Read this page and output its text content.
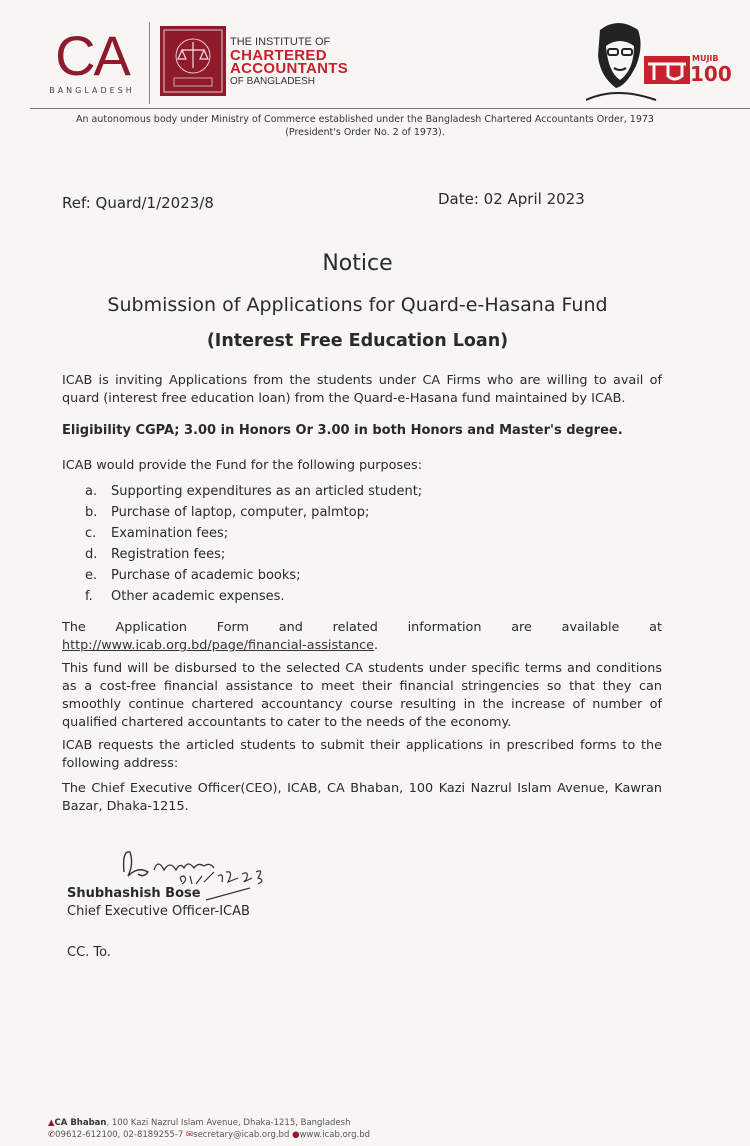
CA
BANGLADESH
THE INSTITUTE OF
CHARTERED
ACCOUNTANTS
OF BANGLADESH
MUJIB
100
An autonomous body under Ministry of Commerce established under the Bangladesh Chartered Accountants Order, 1973
(President's Order No. 2 of 1973).
Ref: Quard/1/2023/8	Date: 02 April 2023
Notice
Submission of Applications for Quard-e-Hasana Fund
(Interest Free Education Loan)
ICAB is inviting Applications from the students under CA Firms who are willing to avail of quard (interest free education loan) from the Quard-e-Hasana fund maintained by ICAB.
Eligibility CGPA; 3.00 in Honors Or 3.00 in both Honors and Master's degree.
ICAB would provide the Fund for the following purposes:
a. Supporting expenditures as an articled student;
b. Purchase of laptop, computer, palmtop;
c. Examination fees;
d. Registration fees;
e. Purchase of academic books;
f. Other academic expenses.
The Application Form and related information are available at http://www.icab.org.bd/page/financial-assistance.
This fund will be disbursed to the selected CA students under specific terms and conditions as a cost-free financial assistance to meet their financial stringencies so that they can smoothly continue chartered accountancy course resulting in the increase of number of qualified chartered accountants to cater to the needs of the economy.
ICAB requests the articled students to submit their applications in prescribed forms to the following address:
The Chief Executive Officer(CEO), ICAB, CA Bhaban, 100 Kazi Nazrul Islam Avenue, Kawran Bazar, Dhaka-1215.
Shubhashish Bose
Chief Executive Officer-ICAB
CC. To.
▲CA Bhaban, 100 Kazi Nazrul Islam Avenue, Dhaka-1215, Bangladesh
✆09612-612100, 02-8189255-7 ✉secretary@icab.org.bd ●www.icab.org.bd
